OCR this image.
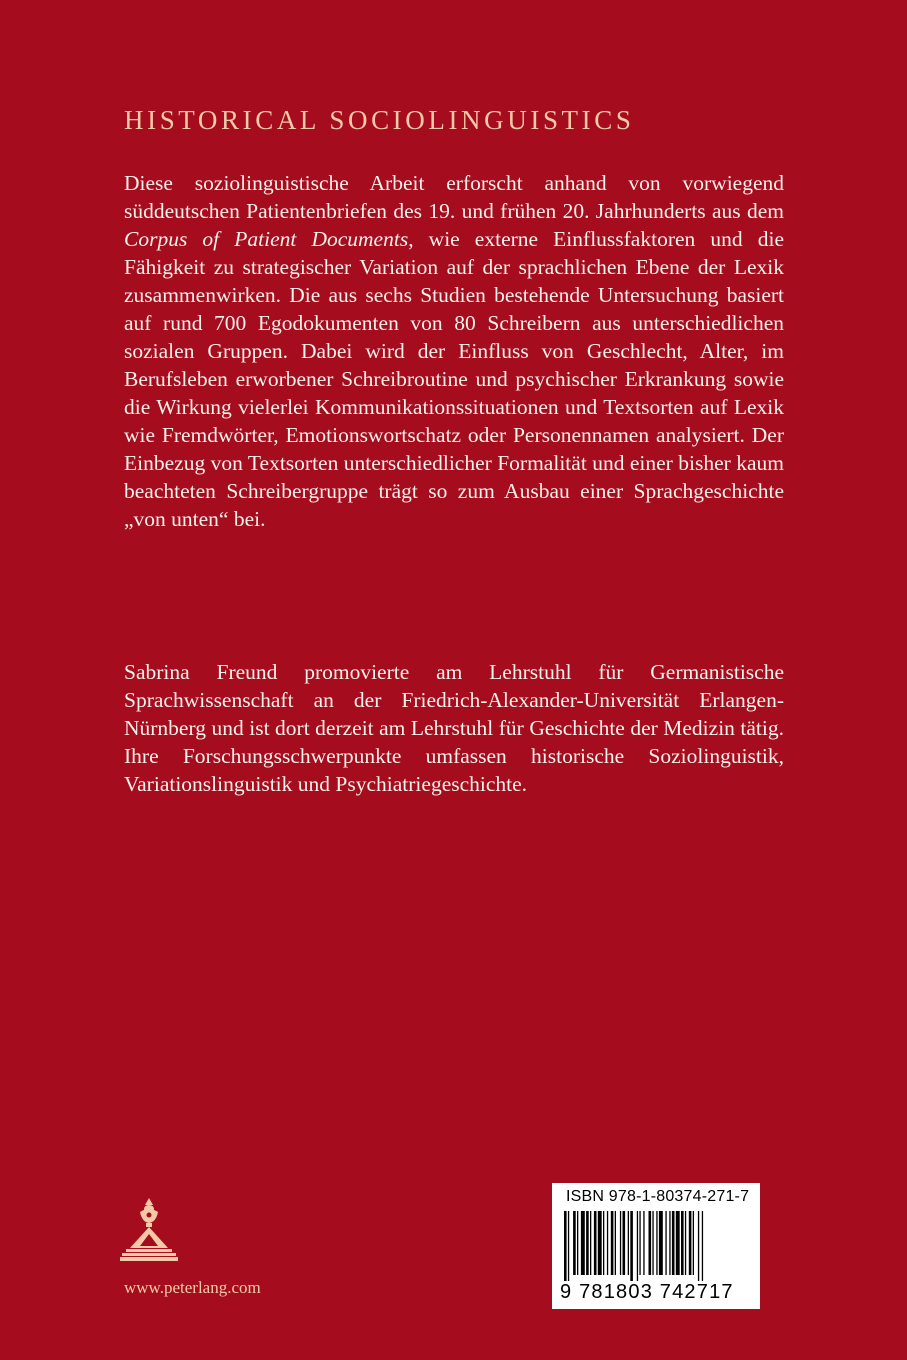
HISTORICAL SOCIOLINGUISTICS

Diese soziolinguistische Arbeit erforscht anhand von vorwiegend süddeutschen Patientenbriefen des 19. und frühen 20. Jahrhunderts aus dem Corpus of Patient Documents, wie externe Einflussfaktoren und die Fähigkeit zu strategischer Variation auf der sprachlichen Ebene der Lexik zusammenwirken. Die aus sechs Studien bestehende Untersuchung basiert auf rund 700 Egodokumenten von 80 Schreibern aus unterschiedlichen sozialen Gruppen. Dabei wird der Einfluss von Geschlecht, Alter, im Berufsleben erworbener Schreibroutine und psychischer Erkrankung sowie die Wirkung vielerlei Kommunikationssituationen und Textsorten auf Lexik wie Fremdwörter, Emotionswortschatz oder Personennamen analysiert. Der Einbezug von Textsorten unterschiedlicher Formalität und einer bisher kaum beachteten Schreibergruppe trägt so zum Ausbau einer Sprachgeschichte „von unten“ bei.

Sabrina Freund promovierte am Lehrstuhl für Germanistische Sprachwissenschaft an der Friedrich-Alexander-Universität Erlangen-Nürnberg und ist dort derzeit am Lehrstuhl für Geschichte der Medizin tätig. Ihre Forschungsschwerpunkte umfassen historische Soziolinguistik, Variationslinguistik und Psychiatriegeschichte.

www.peterlang.com
ISBN 978-1-80374-271-7
9 781803 742717
